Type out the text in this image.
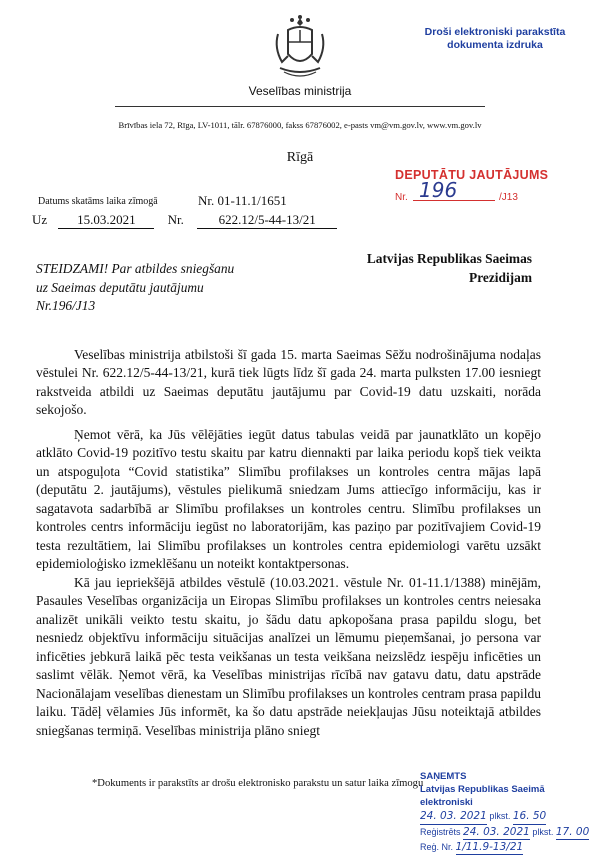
Veselības ministrija
Droši elektroniski parakstīta dokumenta izdruka
Brīvības iela 72, Rīga, LV-1011, tālr. 67876000, fakss 67876002, e-pasts vm@vm.gov.lv, www.vm.gov.lv
Rīgā
DEPUTĀTU JAUTĀJUMS
Nr. 196	/J13
Datums skatāms laika zīmogā	Nr. 01-11.1/1651
Uz 15.03.2021 Nr.	622.12/5-44-13/21
Latvijas Republikas Saeimas
Prezidijam
STEIDZAMI! Par atbildes sniegšanu
uz Saeimas deputātu jautājumu
Nr.196/J13

Veselības ministrija atbilstoši šī gada 15. marta Saeimas Sēžu nodrošinājuma nodaļas vēstulei Nr. 622.12/5-44-13/21, kurā tiek lūgts līdz šī gada 24. marta pulksten 17.00 iesniegt rakstveida atbildi uz Saeimas deputātu jautājumu par Covid-19 datu uzskaiti, norāda sekojošo.

Ņemot vērā, ka Jūs vēlējāties iegūt datus tabulas veidā par jaunatklāto un kopējo atklāto Covid-19 pozitīvo testu skaitu par katru diennakti par laika periodu kopš tiek veikta un atspoguļota “Covid statistika” Slimību profilakses un kontroles centra mājas lapā (deputātu 2. jautājums), vēstules pielikumā sniedzam Jums attiecīgo informāciju, kas ir sagatavota sadarbībā ar Slimību profilakses un kontroles centru. Slimību profilakses un kontroles centrs informāciju iegūst no laboratorijām, kas paziņo par pozitīvajiem Covid-19 testa rezultātiem, lai Slimību profilakses un kontroles centra epidemiologi varētu uzsākt epidemioloģisko izmeklēšanu un noteikt kontaktpersonas.

Kā jau iepriekšējā atbildes vēstulē (10.03.2021. vēstule Nr. 01-11.1/1388) minējām, Pasaules Veselības organizācija un Eiropas Slimību profilakses un kontroles centrs neiesaka analizēt unikāli veikto testu skaitu, jo šādu datu apkopošana prasa papildu slogu, bet nesniedz objektīvu informāciju situācijas analīzei un lēmumu pieņemšanai, jo persona var inficēties jebkurā laikā pēc testa veikšanas un testa veikšana neizslēdz iespēju inficēties un saslimt vēlāk. Ņemot vērā, ka Veselības ministrijas rīcībā nav gatavu datu, datu apstrāde Nacionālajam veselības dienestam un Slimību profilakses un kontroles centram prasa papildu laiku. Tādēļ vēlamies Jūs informēt, ka šo datu apstrāde neiekļaujas Jūsu noteiktajā atbildes sniegšanas termiņā. Veselības ministrija plāno sniegt

*Dokuments ir parakstīts ar drošu elektronisko parakstu un satur laika zīmogu
SAŅEMTS
Latvijas Republikas Saeimā elektroniski
24. 03. 2021 plkst. 16. 50
Reģistrēts 24. 03. 2021 plkst. 17. 00
Reģ. Nr. 1/11.9-13/21
